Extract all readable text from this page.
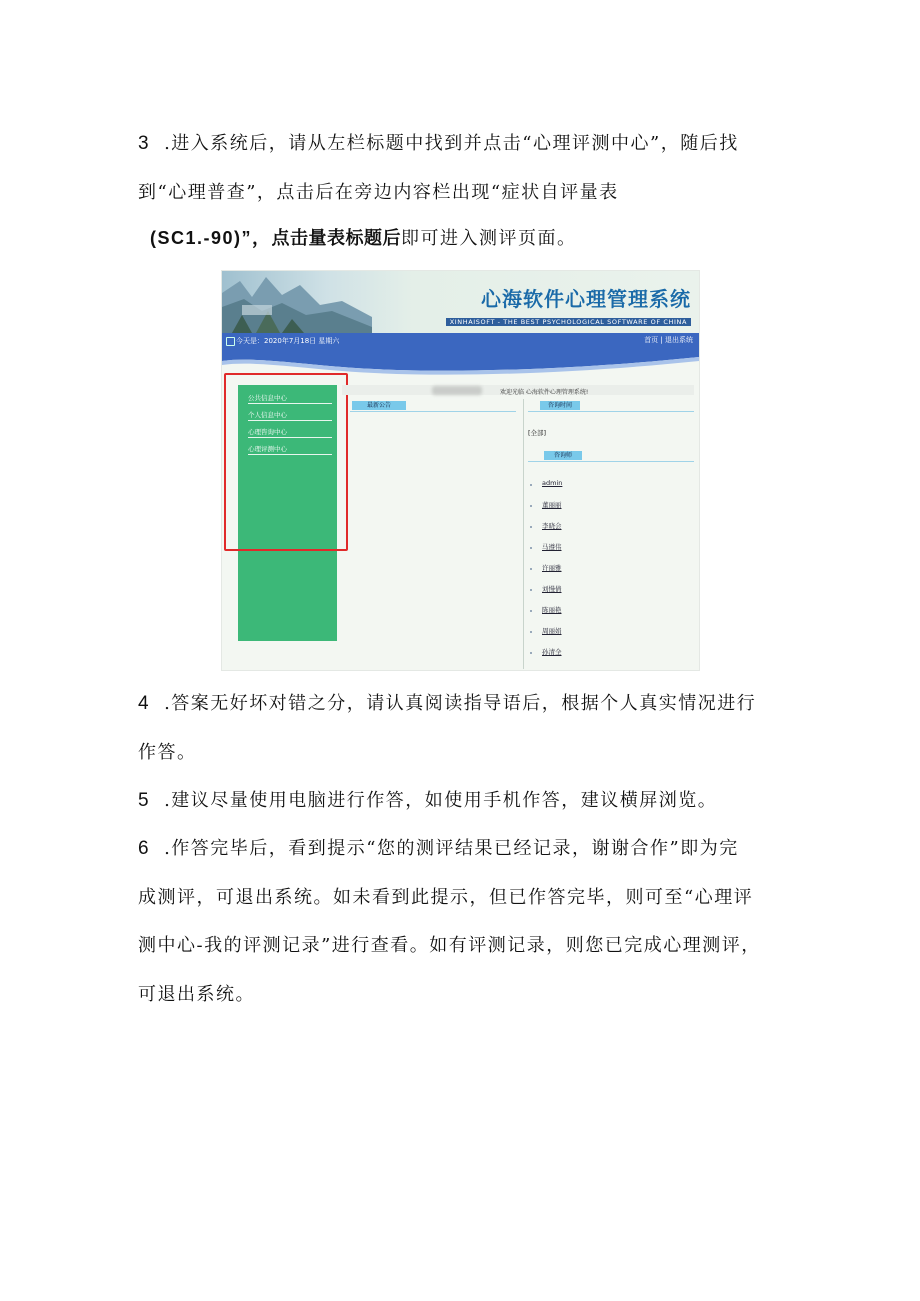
3 .进入系统后，请从左栏标题中找到并点击“心理评测中心”，随后找
到“心理普查”，点击后在旁边内容栏出现“症状自评量表
(SC1.-90)”，点击量表标题后即可进入测评页面。
心海软件心理管理系统
XINHAISOFT - THE BEST PSYCHOLOGICAL SOFTWARE OF CHINA
今天是：2020年7月18日 星期六	首页 | 退出系统
公共信息中心
个人信息中心
心理咨询中心
心理评测中心
欢迎光临 心海软件心理管理系统!
最新公告	咨询时间
[全部]
咨询师
admin
董丽丽
李晓会
马遵伟
许丽雅
刘慢倩
陈丽艳
周丽娟
孙清全
4 .答案无好坏对错之分，请认真阅读指导语后，根据个人真实情况进行
作答。
5 .建议尽量使用电脑进行作答，如使用手机作答，建议横屏浏览。
6 .作答完毕后，看到提示“您的测评结果已经记录，谢谢合作”即为完
成测评，可退出系统。如未看到此提示，但已作答完毕，则可至“心理评
测中心-我的评测记录”进行查看。如有评测记录，则您已完成心理测评，
可退出系统。
